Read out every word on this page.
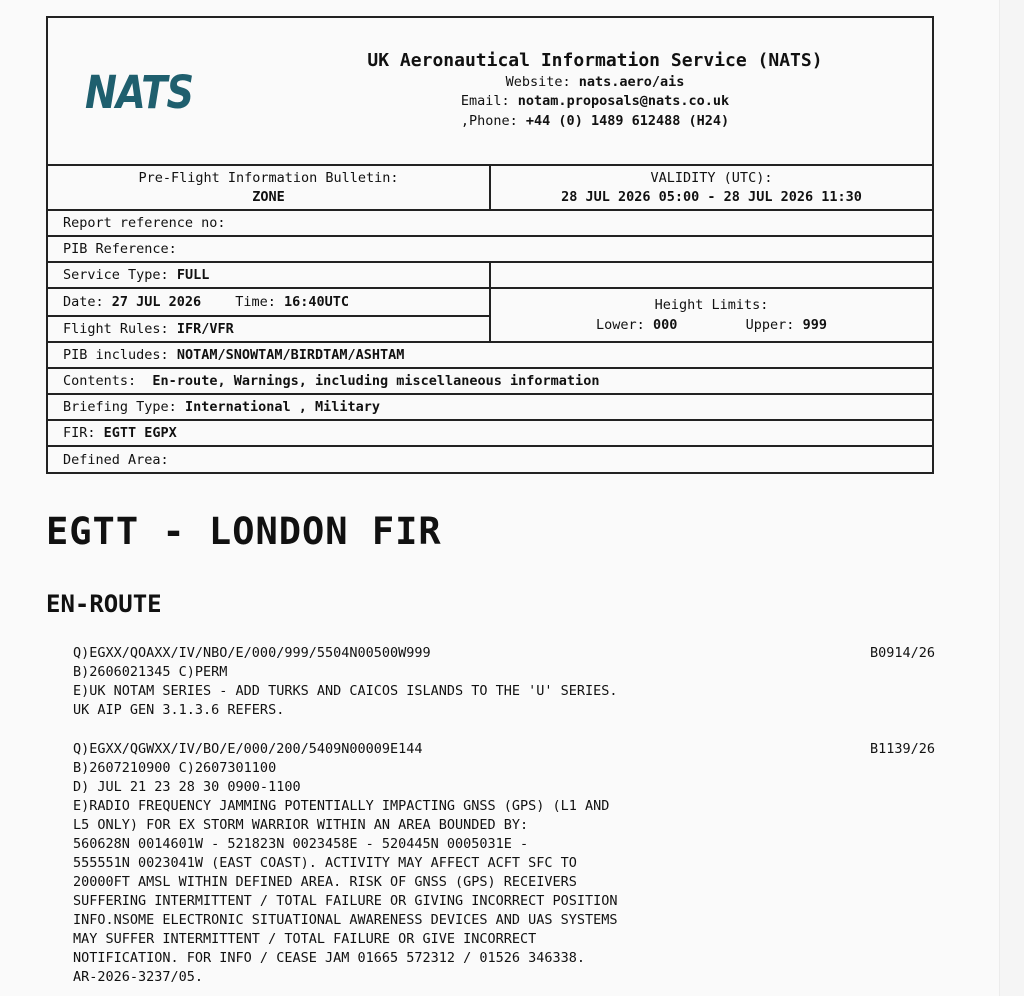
NATS
UK Aeronautical Information Service (NATS)
Website: nats.aero/ais
Email: notam.proposals@nats.co.uk
,Phone: +44 (0) 1489 612488 (H24)
Pre-Flight Information Bulletin:
ZONE
VALIDITY (UTC):
28 JUL 2026 05:00 - 28 JUL 2026 11:30
Report reference no:
PIB Reference:
Service Type:
FULL
Date:
27 JUL 2026	Time:
16:40UTC
Flight Rules:
IFR/VFR
Height Limits:
Lower: 000	Upper: 999
PIB includes: NOTAM/SNOWTAM/BIRDTAM/ASHTAM
Contents: En-route, Warnings, including miscellaneous information
Briefing Type: International , Military
FIR: EGTT EGPX
Defined Area:
EGTT - LONDON FIR
EN-ROUTE
B0914/26
Q)EGXX/QOAXX/IV/NBO/E/000/999/5504N00500W999
B)2606021345 C)PERM
E)UK NOTAM SERIES - ADD TURKS AND CAICOS ISLANDS TO THE 'U' SERIES.
UK AIP GEN 3.1.3.6 REFERS.
B1139/26
Q)EGXX/QGWXX/IV/BO/E/000/200/5409N00009E144
B)2607210900 C)2607301100
D) JUL 21 23 28 30 0900-1100
E)RADIO FREQUENCY JAMMING POTENTIALLY IMPACTING GNSS (GPS) (L1 AND
L5 ONLY) FOR EX STORM WARRIOR WITHIN AN AREA BOUNDED BY:
560628N 0014601W - 521823N 0023458E - 520445N 0005031E -
555551N 0023041W (EAST COAST). ACTIVITY MAY AFFECT ACFT SFC TO
20000FT AMSL WITHIN DEFINED AREA. RISK OF GNSS (GPS) RECEIVERS
SUFFERING INTERMITTENT / TOTAL FAILURE OR GIVING INCORRECT POSITION
INFO.NSOME ELECTRONIC SITUATIONAL AWARENESS DEVICES AND UAS SYSTEMS
MAY SUFFER INTERMITTENT / TOTAL FAILURE OR GIVE INCORRECT
NOTIFICATION. FOR INFO / CEASE JAM 01665 572312 / 01526 346338.
AR-2026-3237/05.
